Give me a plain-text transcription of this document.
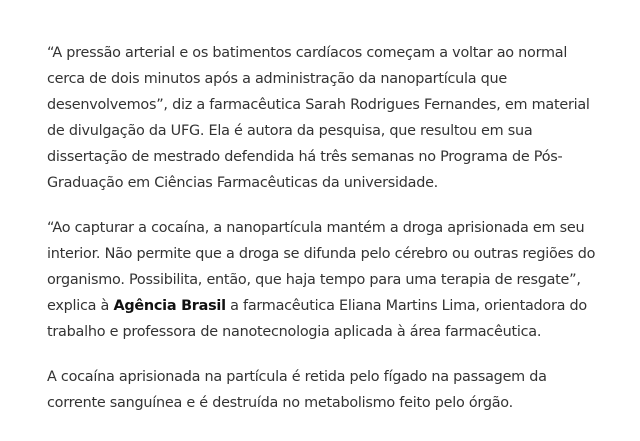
“A pressão arterial e os batimentos cardíacos começam a voltar ao normal cerca de dois minutos após a administração da nanopartícula que desenvolvemos”, diz a farmacêutica Sarah Rodrigues Fernandes, em material de divulgação da UFG. Ela é autora da pesquisa, que resultou em sua dissertação de mestrado defendida há três semanas no Programa de Pós-Graduação em Ciências Farmacêuticas da universidade.

“Ao capturar a cocaína, a nanopartícula mantém a droga aprisionada em seu interior. Não permite que a droga se difunda pelo cérebro ou outras regiões do organismo. Possibilita, então, que haja tempo para uma terapia de resgate”, explica à Agência Brasil a farmacêutica Eliana Martins Lima, orientadora do trabalho e professora de nanotecnologia aplicada à área farmacêutica.

A cocaína aprisionada na partícula é retida pelo fígado na passagem da corrente sanguínea e é destruída no metabolismo feito pelo órgão.
